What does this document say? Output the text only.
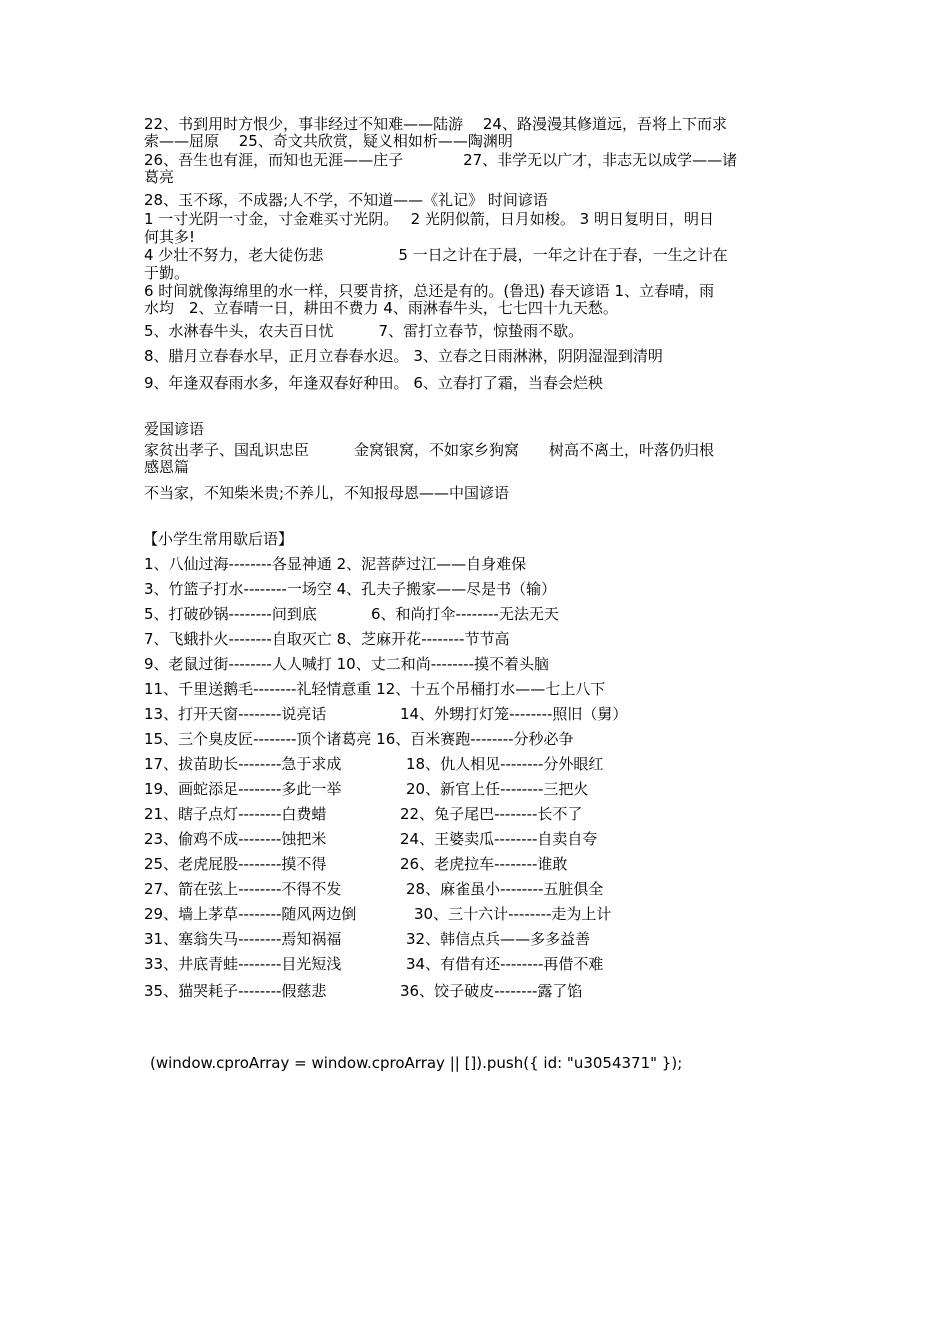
22、书到用时方恨少，事非经过不知难——陆游　 24、路漫漫其修道远，吾将上下而求
索——屈原　 25、奇文共欣赏，疑义相如析——陶渊明
26、吾生也有涯，而知也无涯——庄子　　　　27、非学无以广才，非志无以成学——诸
葛亮
28、玉不琢，不成器;人不学，不知道——《礼记》 时间谚语
1 一寸光阴一寸金，寸金难买寸光阴。　 2 光阴似箭，日月如梭。 3 明日复明日，明日
何其多!
4 少壮不努力，老大徒伤悲　　　　　5 一日之计在于晨，一年之计在于春，一生之计在
于勤。
6 时间就像海绵里的水一样，只要肯挤，总还是有的。(鲁迅) 春天谚语 1、立春晴，雨
水均　2、立春晴一日，耕田不费力 4、雨淋春牛头，七七四十九天愁。
5、水淋春牛头，农夫百日忧　　　7、雷打立春节，惊蛰雨不歇。
8、腊月立春春水早，正月立春春水迟。 3、立春之日雨淋淋，阴阴湿湿到清明
9、年逢双春雨水多，年逢双春好种田。 6、立春打了霜，当春会烂秧
爱国谚语
家贫出孝子、国乱识忠臣　　　金窝银窝，不如家乡狗窝　　树高不离土，叶落仍归根
感恩篇
不当家，不知柴米贵;不养儿，不知报母恩——中国谚语
【小学生常用歇后语】
1、八仙过海--------各显神通 2、泥菩萨过江——自身难保
3、竹篮子打水--------一场空 4、孔夫子搬家——尽是书（输）
5、打破砂锅--------问到底	6、和尚打伞--------无法无天
7、飞蛾扑火--------自取灭亡 8、芝麻开花--------节节高
9、老鼠过街--------人人喊打 10、丈二和尚--------摸不着头脑
11、千里送鹅毛--------礼轻情意重 12、十五个吊桶打水——七上八下
13、打开天窗--------说亮话	14、外甥打灯笼--------照旧（舅）
15、三个臭皮匠--------顶个诸葛亮 16、百米赛跑--------分秒必争
17、拔苗助长--------急于求成	18、仇人相见--------分外眼红
19、画蛇添足--------多此一举	20、新官上任--------三把火
21、瞎子点灯--------白费蜡	22、兔子尾巴--------长不了
23、偷鸡不成--------蚀把米	24、王婆卖瓜--------自卖自夸
25、老虎屁股--------摸不得	26、老虎拉车--------谁敢
27、箭在弦上--------不得不发	28、麻雀虽小--------五脏俱全
29、墙上茅草--------随风两边倒	30、三十六计--------走为上计
31、塞翁失马--------焉知祸福	32、韩信点兵——多多益善
33、井底青蛙--------目光短浅	34、有借有还--------再借不难
35、猫哭耗子--------假慈悲	36、饺子破皮--------露了馅
(window.cproArray = window.cproArray || []).push({ id: "u3054371" });
